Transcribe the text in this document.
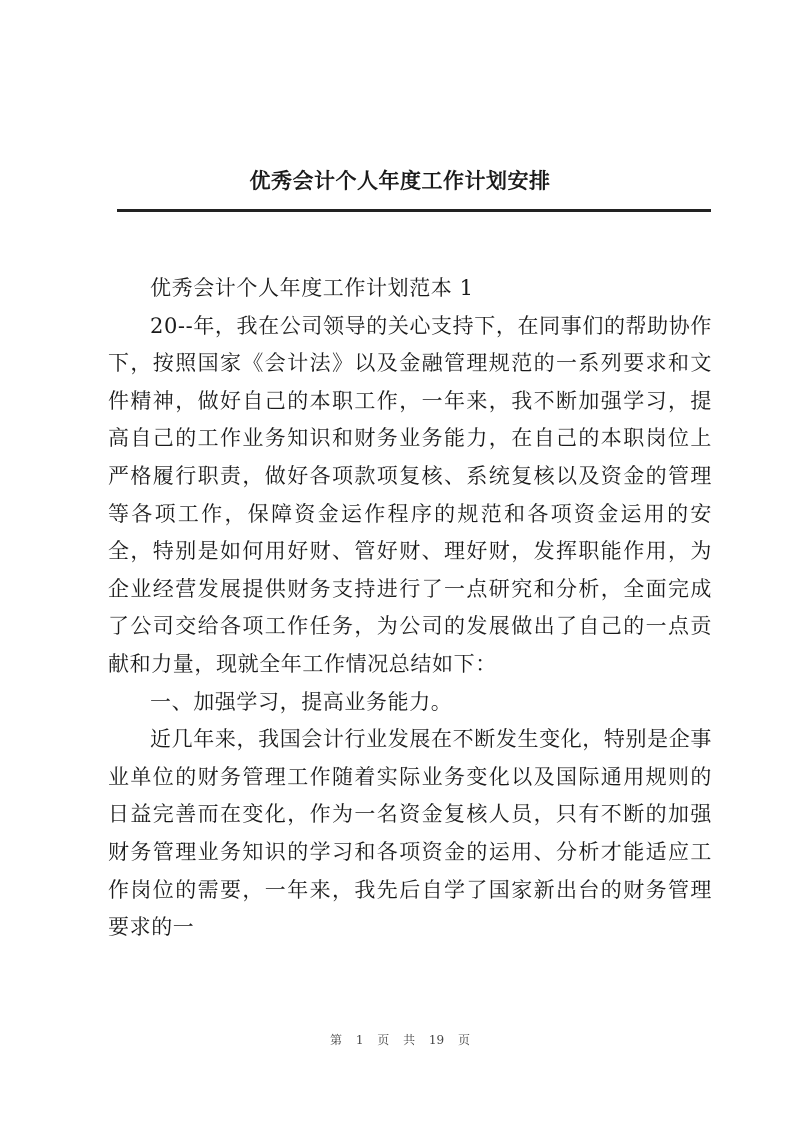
优秀会计个人年度工作计划安排

优秀会计个人年度工作计划范本 1

20--年，我在公司领导的关心支持下，在同事们的帮助协作下，按照国家《会计法》以及金融管理规范的一系列要求和文件精神，做好自己的本职工作，一年来，我不断加强学习，提高自己的工作业务知识和财务业务能力，在自己的本职岗位上严格履行职责，做好各项款项复核、系统复核以及资金的管理等各项工作，保障资金运作程序的规范和各项资金运用的安全，特别是如何用好财、管好财、理好财，发挥职能作用，为企业经营发展提供财务支持进行了一点研究和分析，全面完成了公司交给各项工作任务，为公司的发展做出了自己的一点贡献和力量，现就全年工作情况总结如下：

一、加强学习，提高业务能力。

近几年来，我国会计行业发展在不断发生变化，特别是企事业单位的财务管理工作随着实际业务变化以及国际通用规则的日益完善而在变化，作为一名资金复核人员，只有不断的加强财务管理业务知识的学习和各项资金的运用、分析才能适应工作岗位的需要，一年来，我先后自学了国家新出台的财务管理要求的一

第 1 页 共 19 页
